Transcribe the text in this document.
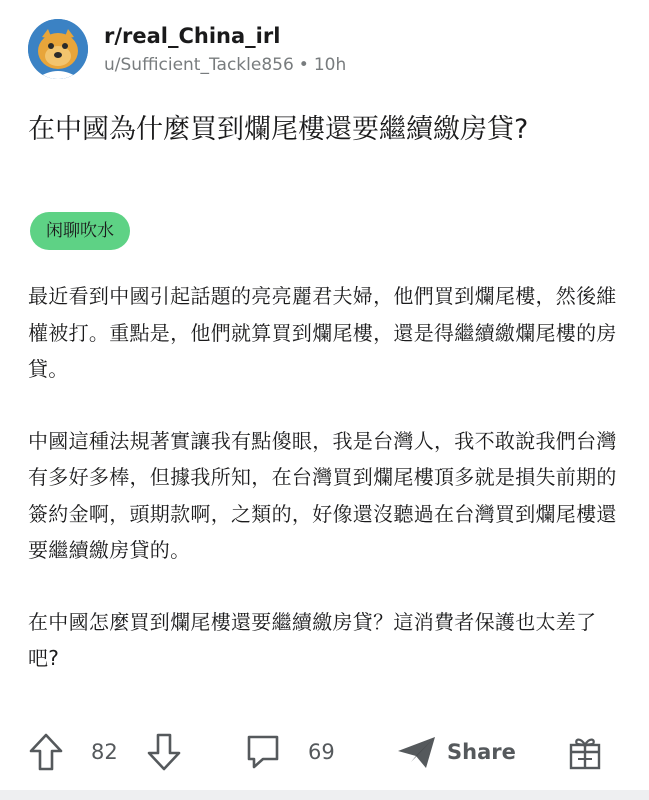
r/real_China_irl
u/Sufficient_Tackle856 • 10h
在中國為什麼買到爛尾樓還要繼續繳房貸?
闲聊吹水

最近看到中國引起話題的亮亮麗君夫婦，他們買到爛尾樓，然後維權被打。重點是，他們就算買到爛尾樓，還是得繼續繳爛尾樓的房貸。

中國這種法規著實讓我有點傻眼，我是台灣人，我不敢說我們台灣有多好多棒，但據我所知，在台灣買到爛尾樓頂多就是損失前期的簽約金啊，頭期款啊，之類的，好像還沒聽過在台灣買到爛尾樓還要繼續繳房貸的。

在中國怎麼買到爛尾樓還要繼續繳房貸？這消費者保護也太差了吧?

82	69	Share
